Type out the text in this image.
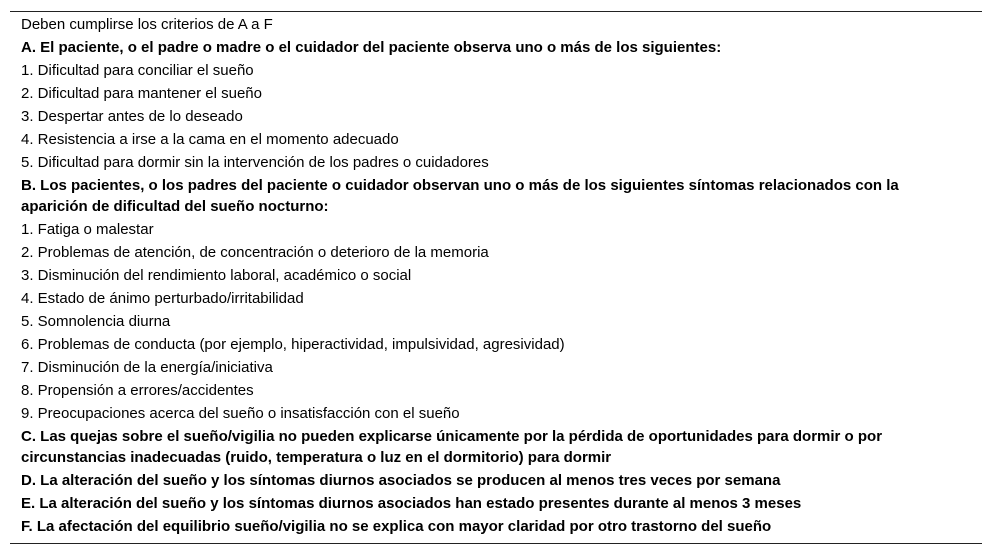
Deben cumplirse los criterios de A a F
A. El paciente, o el padre o madre o el cuidador del paciente observa uno o más de los siguientes:
1. Dificultad para conciliar el sueño
2. Dificultad para mantener el sueño
3. Despertar antes de lo deseado
4. Resistencia a irse a la cama en el momento adecuado
5. Dificultad para dormir sin la intervención de los padres o cuidadores
B. Los pacientes, o los padres del paciente o cuidador observan uno o más de los siguientes síntomas relacionados con la aparición de dificultad del sueño nocturno:
1. Fatiga o malestar
2. Problemas de atención, de concentración o deterioro de la memoria
3. Disminución del rendimiento laboral, académico o social
4. Estado de ánimo perturbado/irritabilidad
5. Somnolencia diurna
6. Problemas de conducta (por ejemplo, hiperactividad, impulsividad, agresividad)
7. Disminución de la energía/iniciativa
8. Propensión a errores/accidentes
9. Preocupaciones acerca del sueño o insatisfacción con el sueño
C. Las quejas sobre el sueño/vigilia no pueden explicarse únicamente por la pérdida de oportunidades para dormir o por circunstancias inadecuadas (ruido, temperatura o luz en el dormitorio) para dormir
D. La alteración del sueño y los síntomas diurnos asociados se producen al menos tres veces por semana
E. La alteración del sueño y los síntomas diurnos asociados han estado presentes durante al menos 3 meses
F. La afectación del equilibrio sueño/vigilia no se explica con mayor claridad por otro trastorno del sueño
